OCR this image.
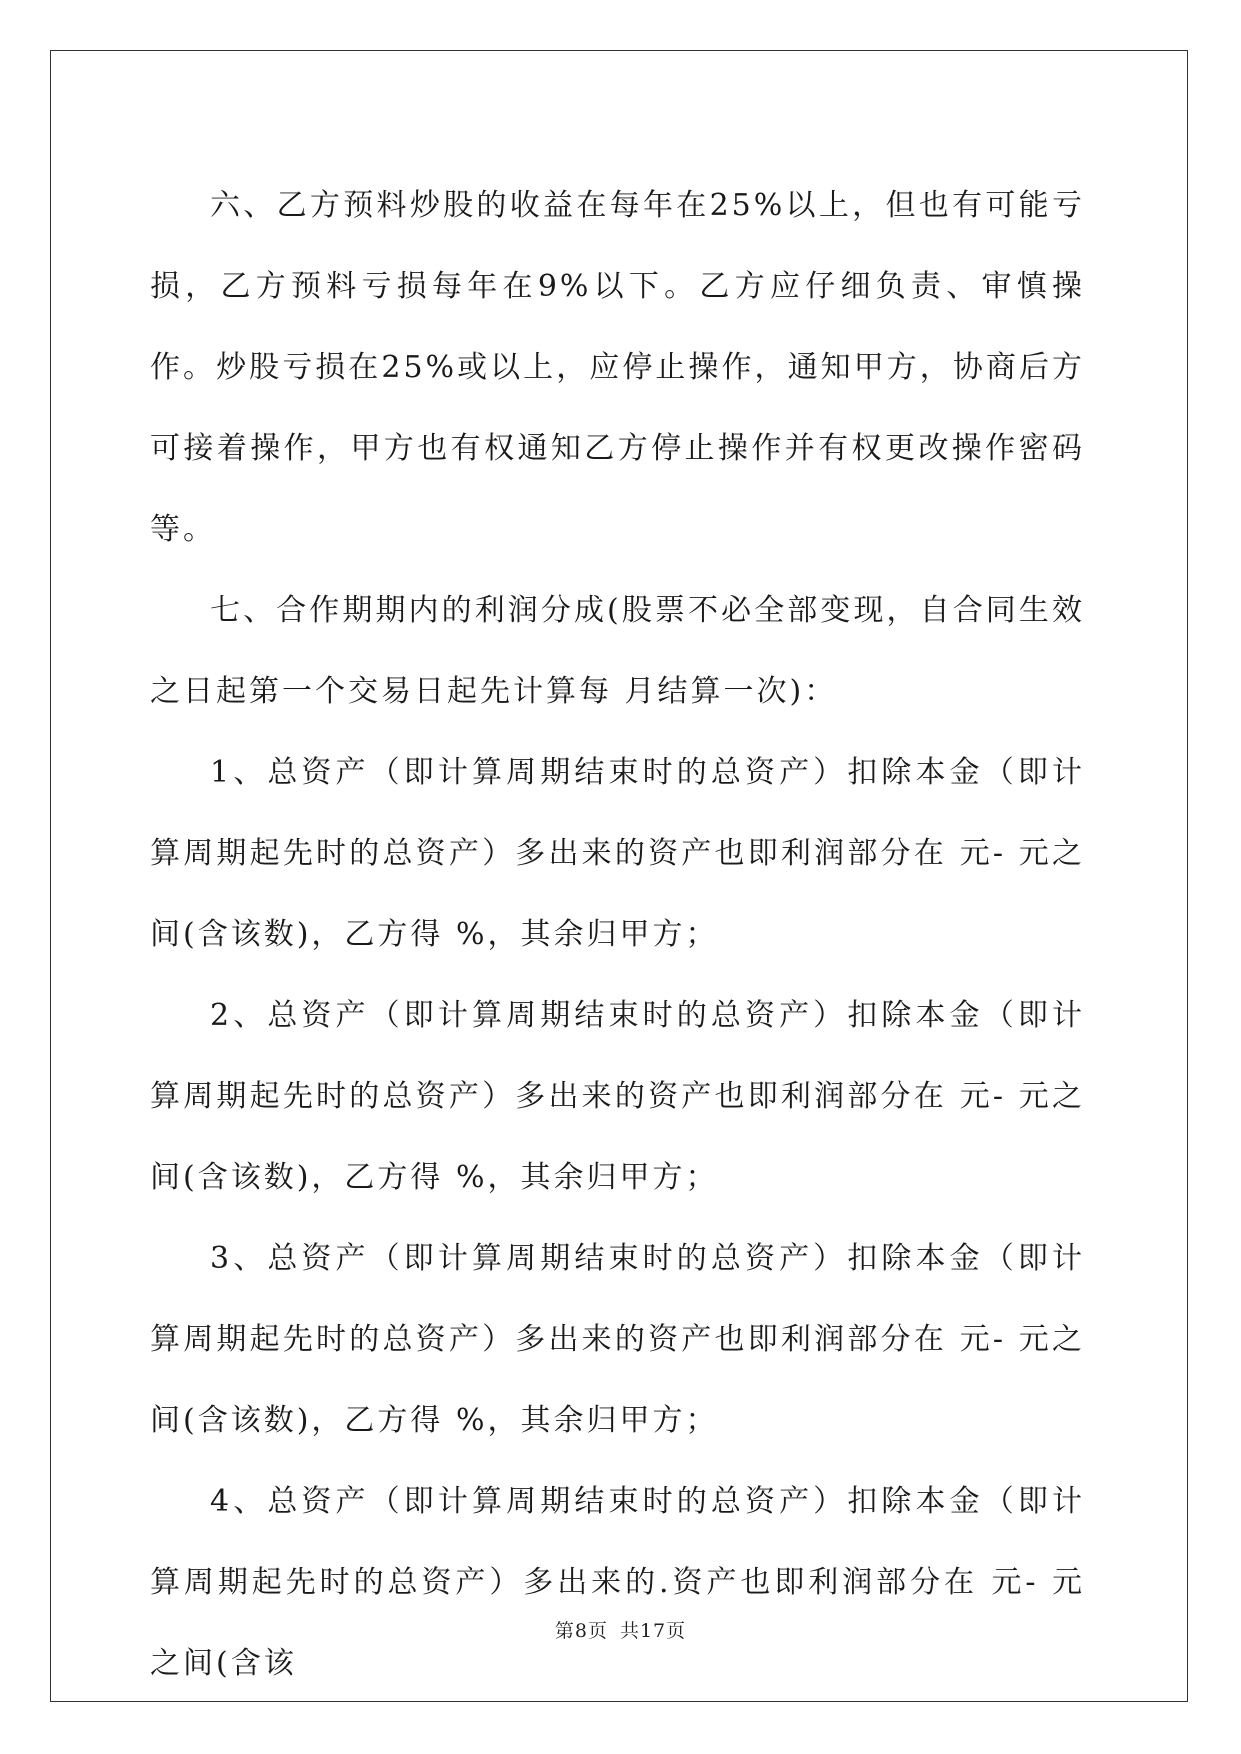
六、乙方预料炒股的收益在每年在25%以上，但也有可能亏损，乙方预料亏损每年在9%以下。乙方应仔细负责、审慎操作。炒股亏损在25%或以上，应停止操作，通知甲方，协商后方可接着操作，甲方也有权通知乙方停止操作并有权更改操作密码等。

七、合作期期内的利润分成(股票不必全部变现，自合同生效之日起第一个交易日起先计算每 月结算一次)：

1、总资产（即计算周期结束时的总资产）扣除本金（即计算周期起先时的总资产）多出来的资产也即利润部分在 元- 元之间(含该数)，乙方得 %，其余归甲方；

2、总资产（即计算周期结束时的总资产）扣除本金（即计算周期起先时的总资产）多出来的资产也即利润部分在 元- 元之间(含该数)，乙方得 %，其余归甲方；

3、总资产（即计算周期结束时的总资产）扣除本金（即计算周期起先时的总资产）多出来的资产也即利润部分在 元- 元之间(含该数)，乙方得 %，其余归甲方；

4、总资产（即计算周期结束时的总资产）扣除本金（即计算周期起先时的总资产）多出来的.资产也即利润部分在 元- 元之间(含该

第8页 共17页
